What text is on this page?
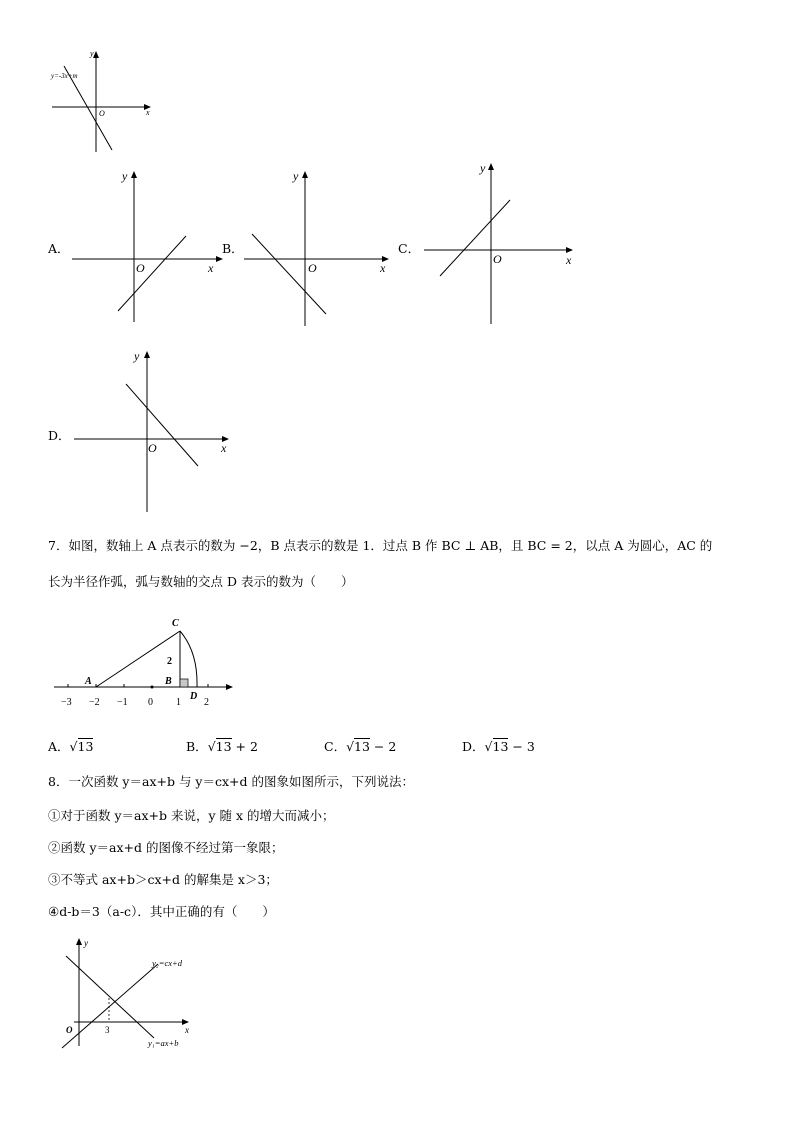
y=-3x+m
O	x
y
A．
O	x
y
B．
O	x
y
C．
O	x
y
D．
O	x
y
7．如图，数轴上 A 点表示的数为 −2，B 点表示的数是 1．过点 B 作 BC ⊥ AB，且 BC = 2，以点 A 为圆心，AC 的
长为半径作弧，弧与数轴的交点 D 表示的数为（　　）
C
A	B
D
2
−3 −2 −1 0 1 2
A．√13	B．√13 + 2	C．√13 − 2	D．√13 − 3
8．一次函数 y＝ax+b 与 y＝cx+d 的图象如图所示，下列说法：
①对于函数 y＝ax+b 来说，y 随 x 的增大而减小；
②函数 y＝ax+d 的图像不经过第一象限；
③不等式 ax+b＞cx+d 的解集是 x＞3；
④d-b＝3（a-c）．其中正确的有（　　）
y₂=cx+d
y₁=ax+b
3
O	x
y
